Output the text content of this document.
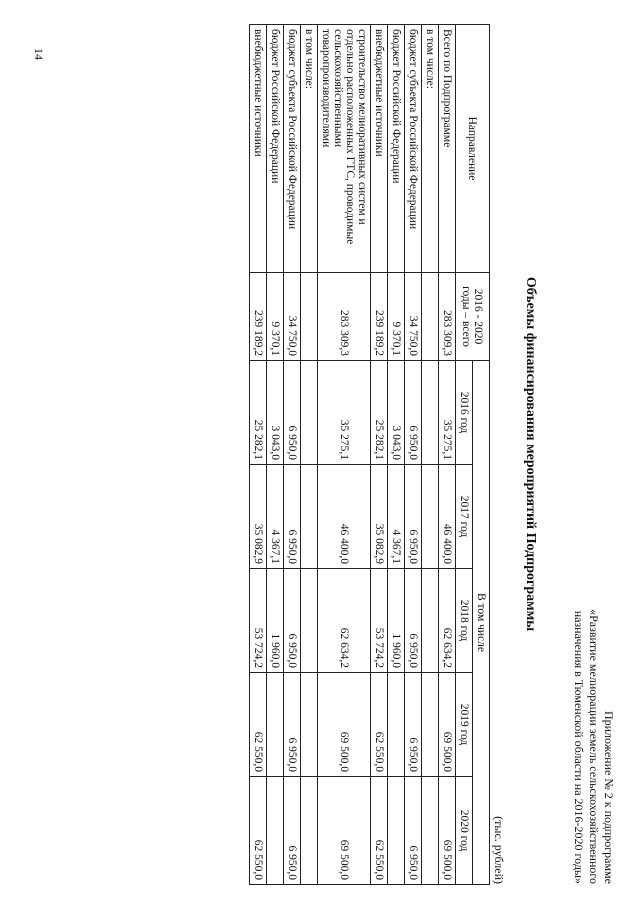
14
Приложение № 2 к подпрограмме
«Развитие мелиорации земель сельскохозяйственного
назначения в Тюменской области на 2016-2020 годы»
Объемы финансирования мероприятий Подпрограммы
(тыс. рублей)
Направление	2016 - 2020 годы – всего	В том числе				
		2016 год	2017 год	2018 год	2019 год	2020 год
Всего по Подпрограмме	283 309,3	35 275,1	46 400,0	62 634,2	69 500,0	69 500,0
в том числе:						
бюджет субъекта Российской Федерации	34 750,0	6 950,0	6 950,0	6 950,0	6 950,0	6 950,0
бюджет Российской Федерации	9 370,1	3 043,0	4 367,1	1 960,0		
внебюджетные источники	239 189,2	25 282,1	35 082,9	53 724,2	62 550,0	62 550,0
строительство мелиоративных систем и отдельно расположенных ГТС, проводимые сельскохозяйственными товаропроизводителями	283 309,3	35 275,1	46 400,0	62 634,2	69 500,0	69 500,0
в том числе:						
бюджет субъекта Российской Федерации	34 750,0	6 950,0	6 950,0	6 950,0	6 950,0	6 950,0
бюджет Российской Федерации	9 370,1	3 043,0	4 367,1	1 960,0		
внебюджетные источники	239 189,2	25 282,1	35 082,9	53 724,2	62 550,0	62 550,0
